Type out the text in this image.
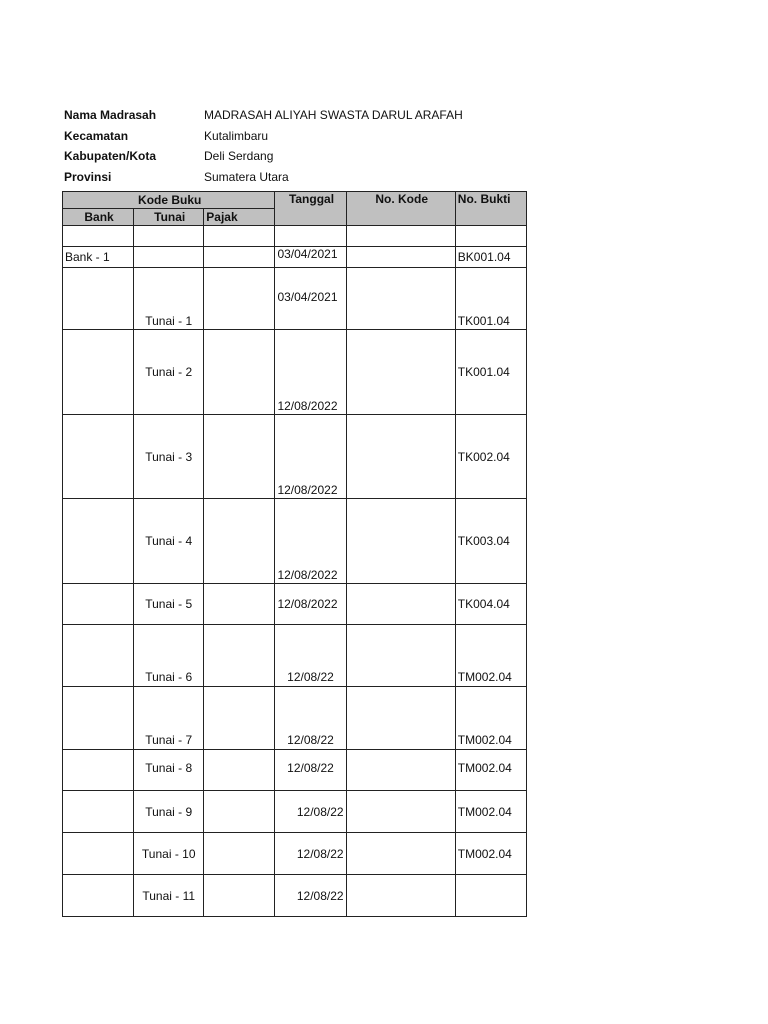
Nama Madrasah	MADRASAH ALIYAH SWASTA DARUL ARAFAH
Kecamatan	Kutalimbaru
Kabupaten/Kota	Deli Serdang
Provinsi	Sumatera Utara
Kode Buku			Tanggal	No. Kode	No. Bukti
Bank	Tunai	Pajak			

Bank - 1			03/04/2021		BK001.04
	Tunai - 1		03/04/2021		TK001.04
	Tunai - 2		12/08/2022		TK001.04
	Tunai - 3		12/08/2022		TK002.04
	Tunai - 4		12/08/2022		TK003.04
	Tunai - 5		12/08/2022		TK004.04
	Tunai - 6		12/08/22		TM002.04
	Tunai - 7		12/08/22		TM002.04
	Tunai - 8		12/08/22		TM002.04
	Tunai - 9		12/08/22		TM002.04
	Tunai - 10		12/08/22		TM002.04
	Tunai - 11		12/08/22		
